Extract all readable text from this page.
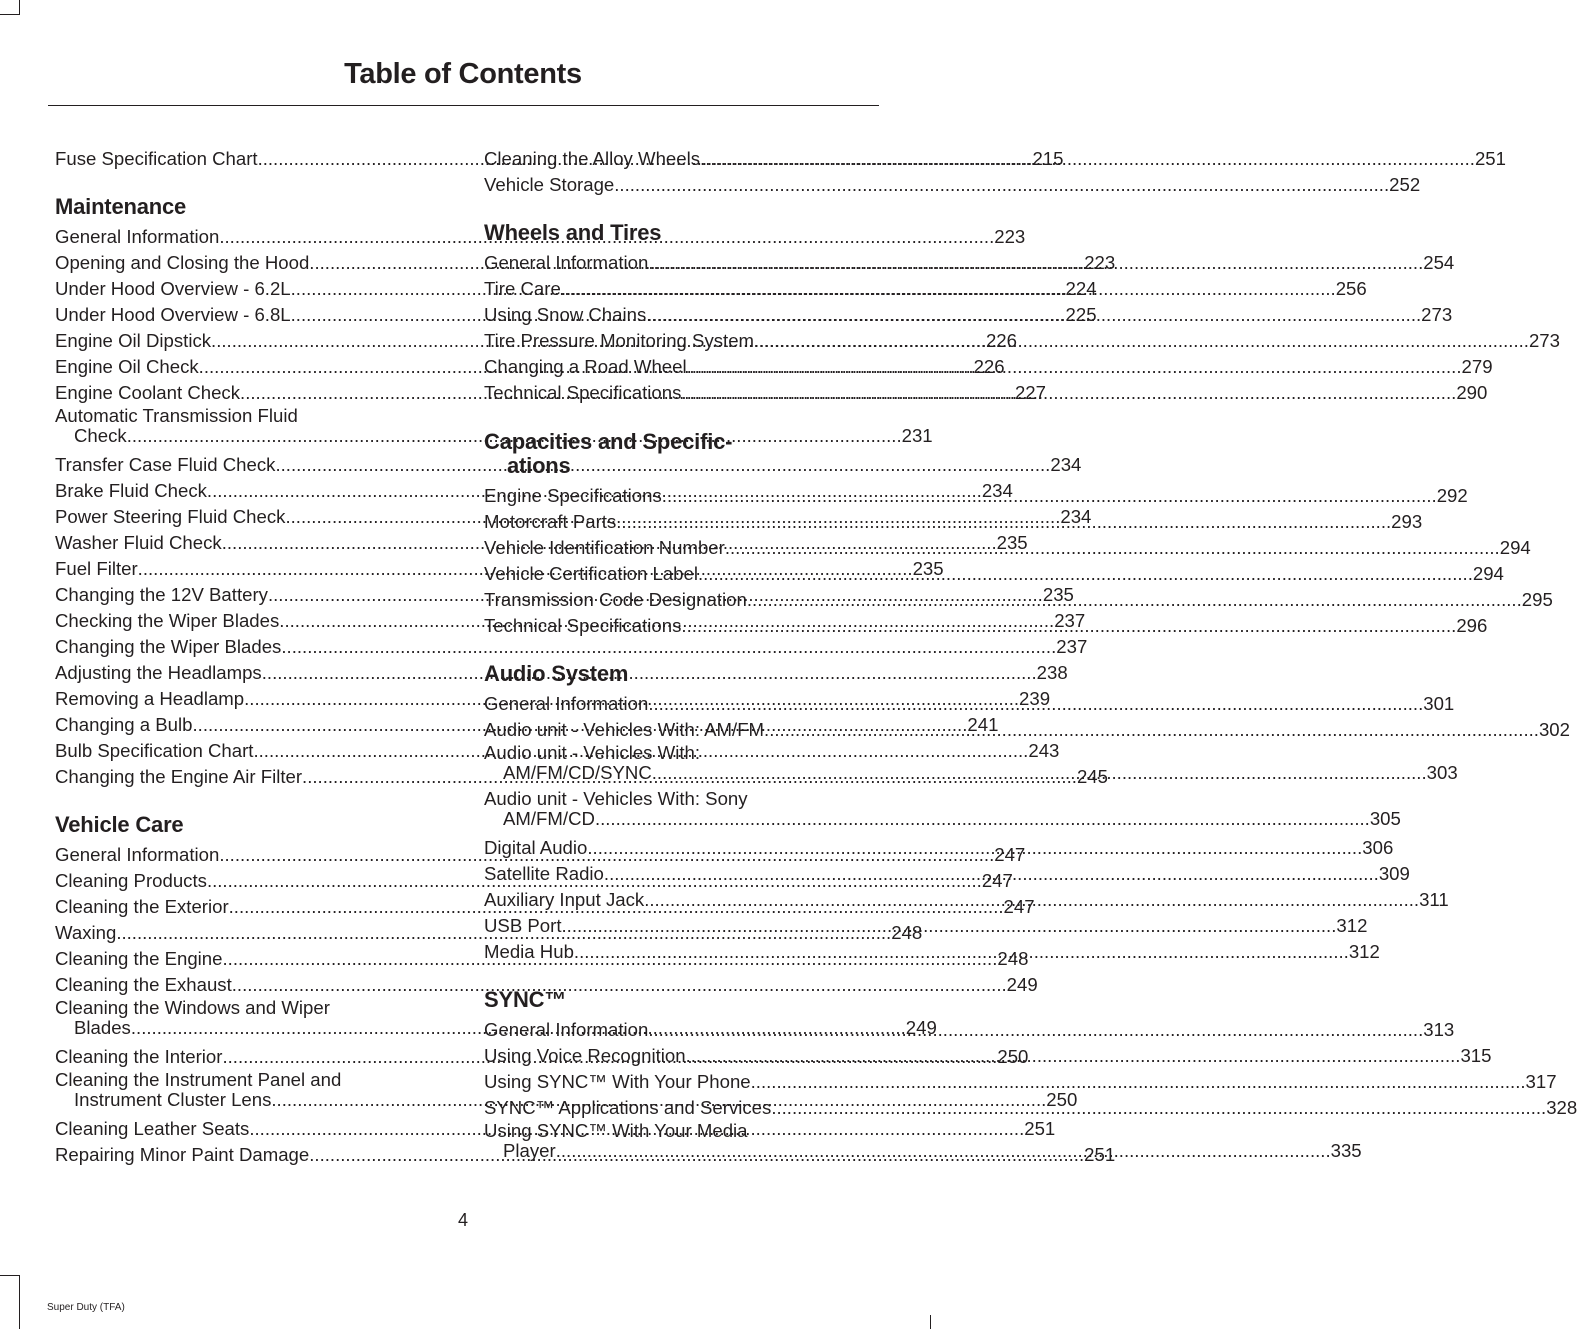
Table of Contents
Fuse Specification Chart .....	215
Maintenance
General Information .....	223
Opening and Closing the Hood .....	223
Under Hood Overview - 6.2L .....	224
Under Hood Overview - 6.8L .....	225
Engine Oil Dipstick .....	226
Engine Oil Check .....	226
Engine Coolant Check .....	227
Automatic Transmission Fluid
Check .....	231
Transfer Case Fluid Check .....	234
Brake Fluid Check .....	234
Power Steering Fluid Check .....	234
Washer Fluid Check .....	235
Fuel Filter .....	235
Changing the 12V Battery .....	235
Checking the Wiper Blades .....	237
Changing the Wiper Blades .....	237
Adjusting the Headlamps .....	238
Removing a Headlamp .....	239
Changing a Bulb .....	241
Bulb Specification Chart .....	243
Changing the Engine Air Filter .....	245
Vehicle Care
General Information .....	247
Cleaning Products .....	247
Cleaning the Exterior .....	247
Waxing .....	248
Cleaning the Engine .....	248
Cleaning the Exhaust .....	249
Cleaning the Windows and Wiper
Blades .....	249
Cleaning the Interior .....	250
Cleaning the Instrument Panel and
Instrument Cluster Lens .....	250
Cleaning Leather Seats .....	251
Repairing Minor Paint Damage .....	251
Cleaning the Alloy Wheels .....	251
Vehicle Storage .....	252
Wheels and Tires
General Information .....	254
Tire Care .....	256
Using Snow Chains .....	273
Tire Pressure Monitoring System .....	273
Changing a Road Wheel .....	279
Technical Specifications .....	290
Capacities and Specific-
ations
Engine Specifications .....	292
Motorcraft Parts .....	293
Vehicle Identification Number .....	294
Vehicle Certification Label .....	294
Transmission Code Designation .....	295
Technical Specifications .....	296
Audio System
General Information .....	301
Audio unit - Vehicles With: AM/FM .....	302
Audio unit - Vehicles With:
AM/FM/CD/SYNC .....	303
Audio unit - Vehicles With: Sony
AM/FM/CD .....	305
Digital Audio .....	306
Satellite Radio .....	309
Auxiliary Input Jack .....	311
USB Port .....	312
Media Hub .....	312
SYNC™
General Information .....	313
Using Voice Recognition .....	315
Using SYNC™ With Your Phone .....	317
SYNC™ Applications and Services .....	328
Using SYNC™ With Your Media
Player .....	335
4
Super Duty (TFA)
